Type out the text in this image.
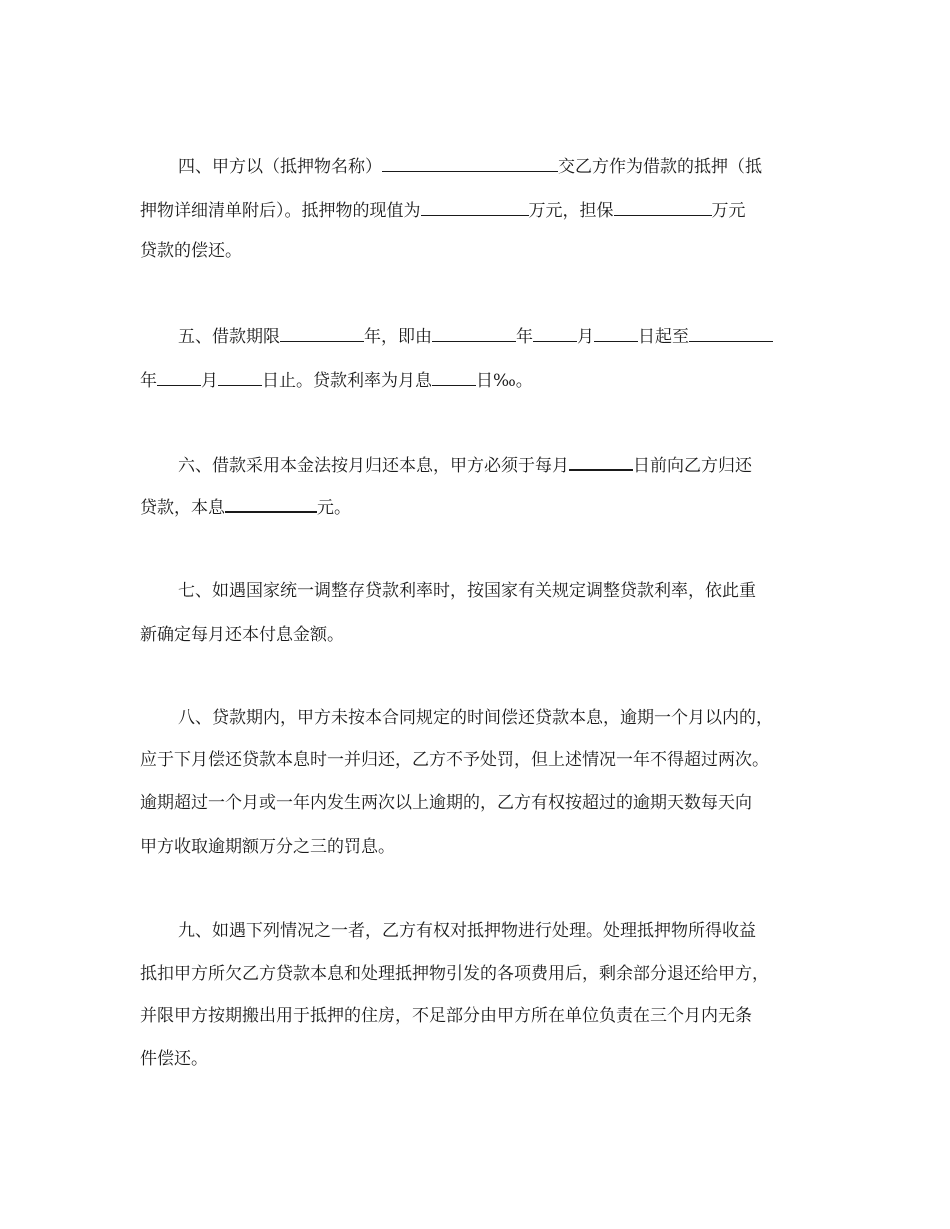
四、甲方以（抵押物名称）	交乙方作为借款的抵押（抵
押物详细清单附后）。抵押物的现值为	万元，担保	万元
贷款的偿还。
五、借款期限	年，即由	年	月	日起至
年	月	日止。贷款利率为月息	日‰。
六、借款采用本金法按月归还本息，甲方必须于每月	日前向乙方归还
贷款，本息	元。
七、如遇国家统一调整存贷款利率时，按国家有关规定调整贷款利率，依此重
新确定每月还本付息金额。
八、贷款期内，甲方未按本合同规定的时间偿还贷款本息，逾期一个月以内的，
应于下月偿还贷款本息时一并归还，乙方不予处罚，但上述情况一年不得超过两次。
逾期超过一个月或一年内发生两次以上逾期的，乙方有权按超过的逾期天数每天向
甲方收取逾期额万分之三的罚息。
九、如遇下列情况之一者，乙方有权对抵押物进行处理。处理抵押物所得收益
抵扣甲方所欠乙方贷款本息和处理抵押物引发的各项费用后，剩余部分退还给甲方，
并限甲方按期搬出用于抵押的住房，不足部分由甲方所在单位负责在三个月内无条
件偿还。
